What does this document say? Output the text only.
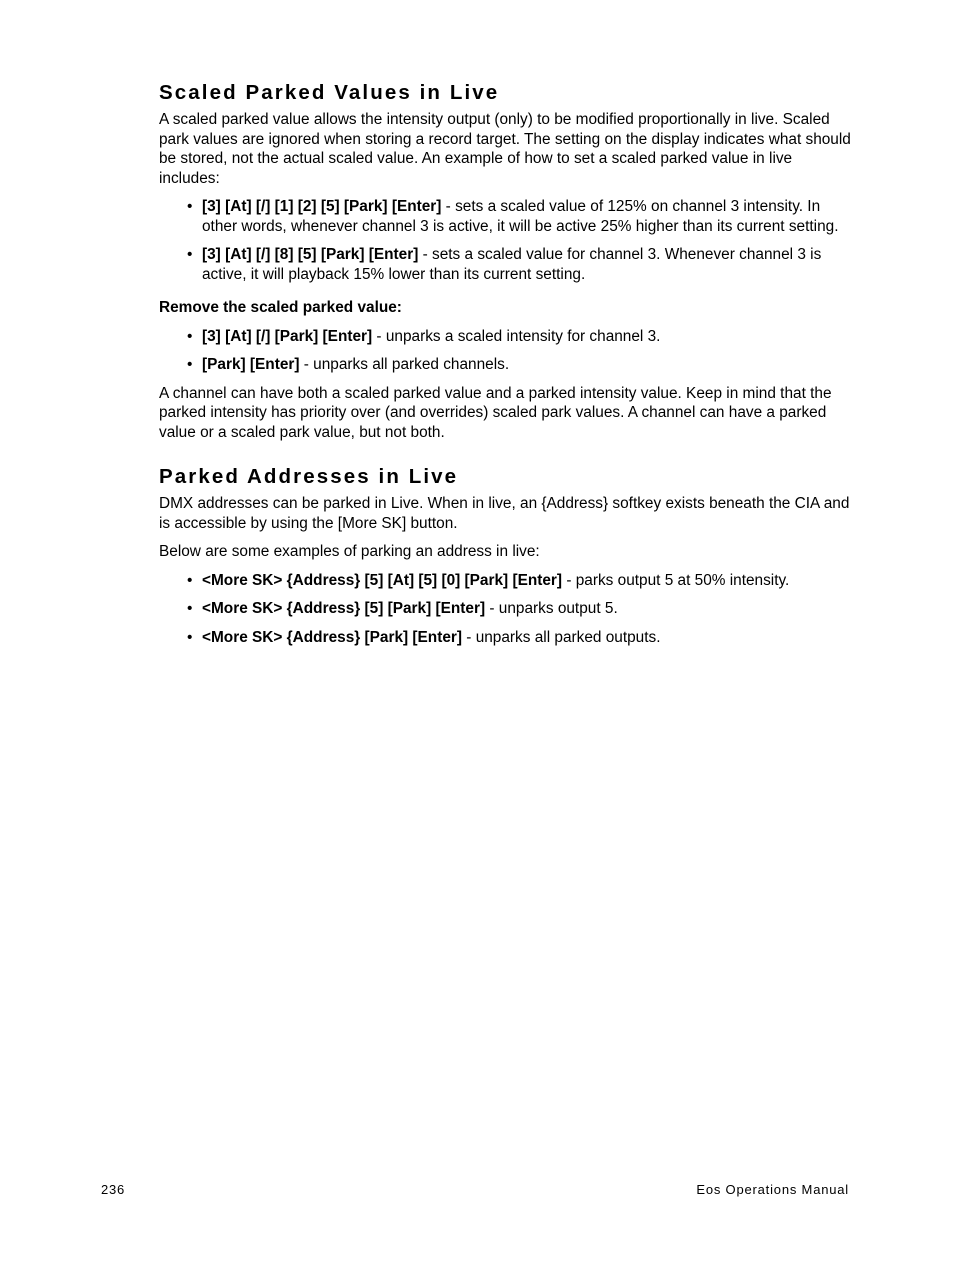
Scaled Parked Values in Live

A scaled parked value allows the intensity output (only) to be modified proportionally in live. Scaled park values are ignored when storing a record target. The setting on the display indicates what should be stored, not the actual scaled value. An example of how to set a scaled parked value in live includes:

• [3] [At] [/] [1] [2] [5] [Park] [Enter] - sets a scaled value of 125% on channel 3 intensity. In other words, whenever channel 3 is active, it will be active 25% higher than its current setting.
• [3] [At] [/] [8] [5] [Park] [Enter] - sets a scaled value for channel 3. Whenever channel 3 is active, it will playback 15% lower than its current setting.

Remove the scaled parked value:

• [3] [At] [/] [Park] [Enter] - unparks a scaled intensity for channel 3.
• [Park] [Enter] - unparks all parked channels.

A channel can have both a scaled parked value and a parked intensity value. Keep in mind that the parked intensity has priority over (and overrides) scaled park values. A channel can have a parked value or a scaled park value, but not both.

Parked Addresses in Live

DMX addresses can be parked in Live. When in live, an {Address} softkey exists beneath the CIA and is accessible by using the [More SK] button.

Below are some examples of parking an address in live:

• <More SK> {Address} [5] [At] [5] [0] [Park] [Enter] - parks output 5 at 50% intensity.
• <More SK> {Address} [5] [Park] [Enter] - unparks output 5.
• <More SK> {Address} [Park] [Enter] - unparks all parked outputs.
236	Eos Operations Manual
